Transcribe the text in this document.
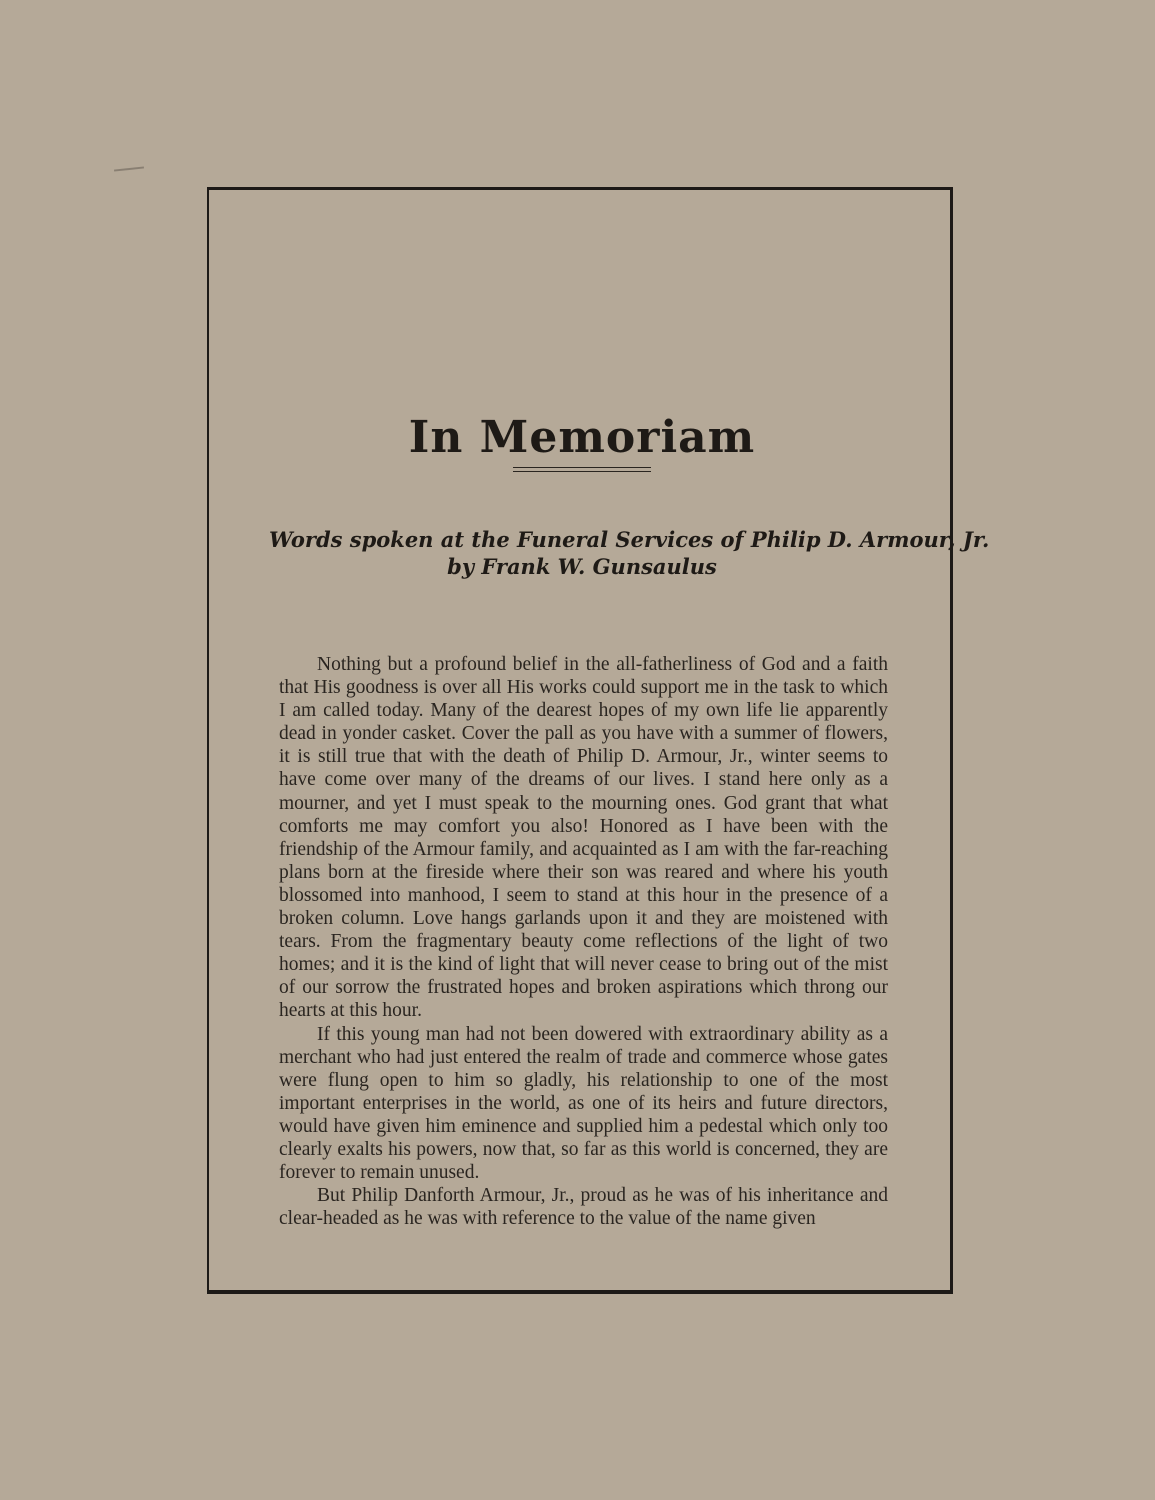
In Memoriam
Words spoken at the Funeral Services of Philip D. Armour, Jr.
by Frank W. Gunsaulus

Nothing but a profound belief in the all-fatherliness of God and a faith that His goodness is over all His works could support me in the task to which I am called today. Many of the dearest hopes of my own life lie apparently dead in yonder casket. Cover the pall as you have with a summer of flowers, it is still true that with the death of Philip D. Armour, Jr., winter seems to have come over many of the dreams of our lives. I stand here only as a mourner, and yet I must speak to the mourning ones. God grant that what comforts me may comfort you also! Honored as I have been with the friendship of the Armour family, and acquainted as I am with the far-reaching plans born at the fireside where their son was reared and where his youth blossomed into manhood, I seem to stand at this hour in the presence of a broken column. Love hangs garlands upon it and they are moistened with tears. From the fragmentary beauty come reflections of the light of two homes; and it is the kind of light that will never cease to bring out of the mist of our sorrow the frustrated hopes and broken aspirations which throng our hearts at this hour.

If this young man had not been dowered with extraordinary ability as a merchant who had just entered the realm of trade and commerce whose gates were flung open to him so gladly, his relationship to one of the most important enterprises in the world, as one of its heirs and future directors, would have given him eminence and supplied him a pedestal which only too clearly exalts his powers, now that, so far as this world is concerned, they are forever to remain unused.

But Philip Danforth Armour, Jr., proud as he was of his inheritance and clear-headed as he was with reference to the value of the name given
